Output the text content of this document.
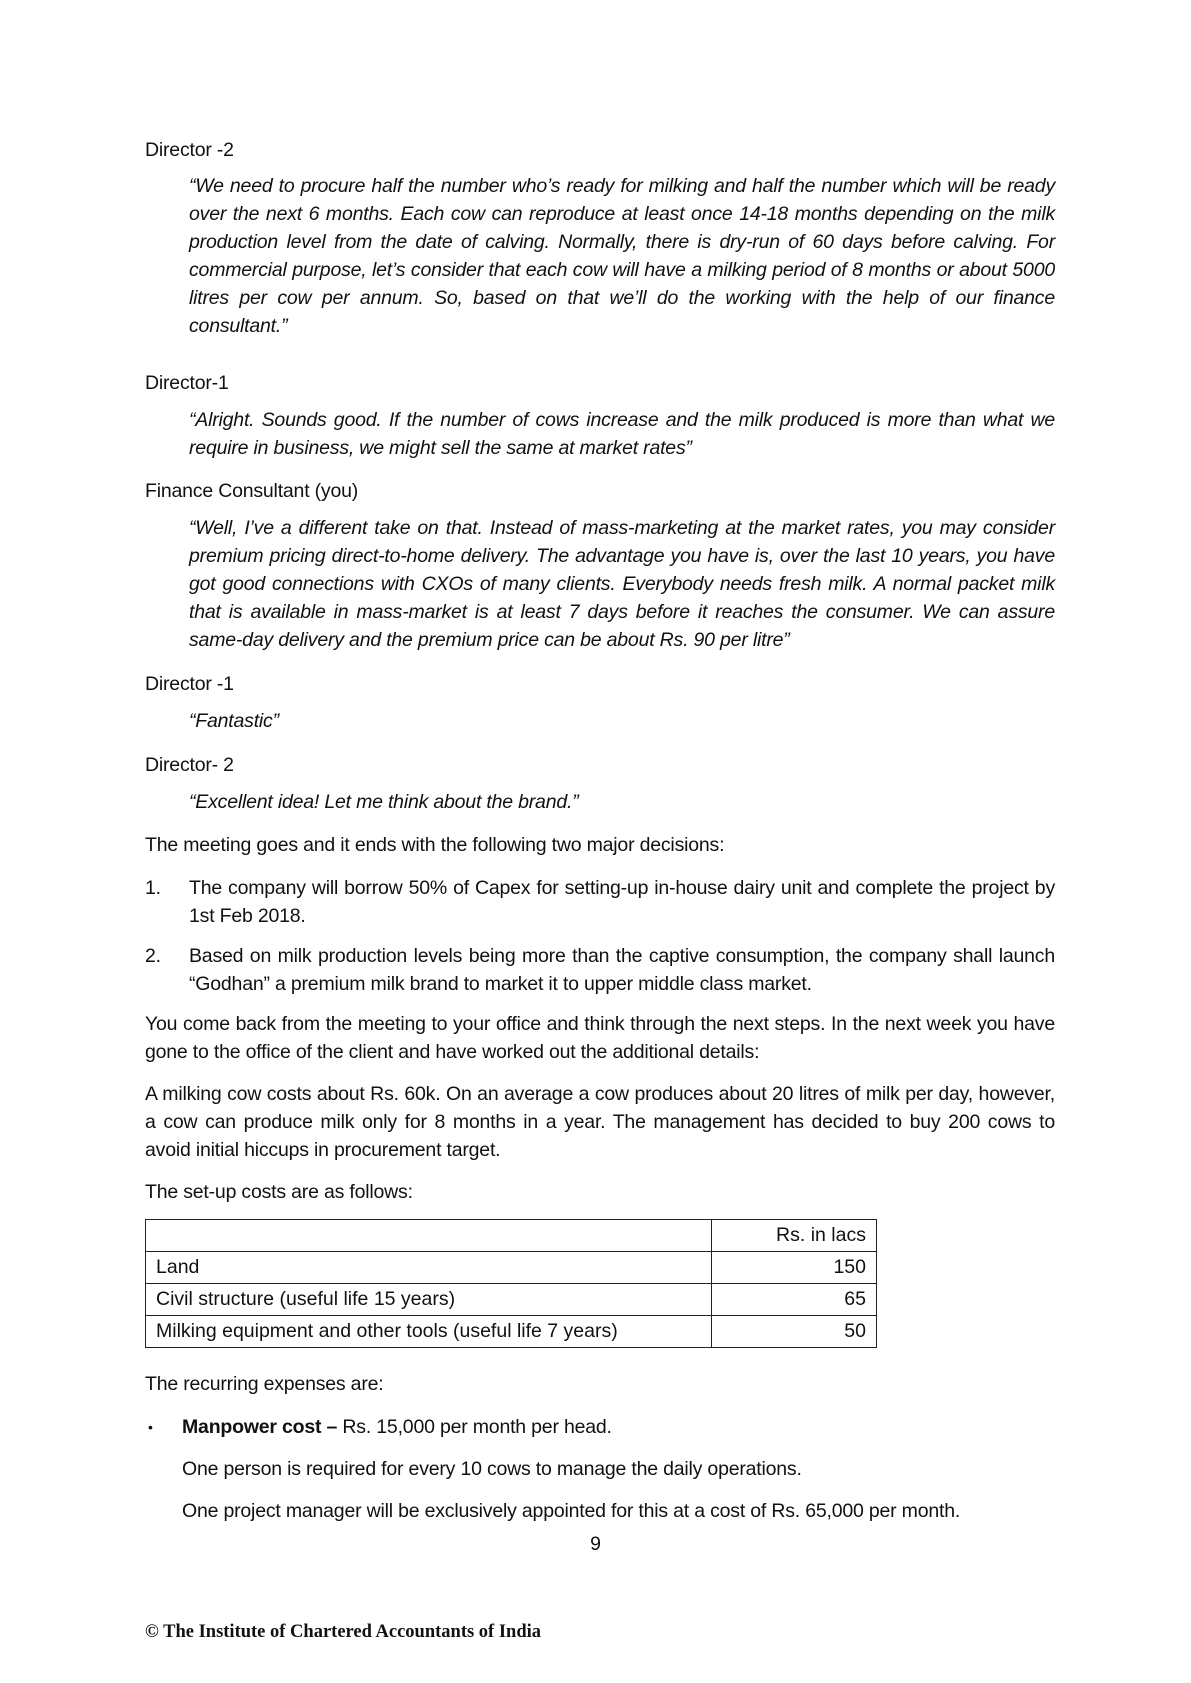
Director -2
“We need to procure half the number who’s ready for milking and half the number which will be ready over the next 6 months. Each cow can reproduce at least once 14-18 months depending on the milk production level from the date of calving. Normally, there is dry-run of 60 days before calving. For commercial purpose, let’s consider that each cow will have a milking period of 8 months or about 5000 litres per cow per annum. So, based on that we’ll do the working with the help of our finance consultant.”
Director-1
“Alright. Sounds good. If the number of cows increase and the milk produced is more than what we require in business, we might sell the same at market rates”
Finance Consultant (you)
“Well, I’ve a different take on that. Instead of mass-marketing at the market rates, you may consider premium pricing direct-to-home delivery. The advantage you have is, over the last 10 years, you have got good connections with CXOs of many clients. Everybody needs fresh milk. A normal packet milk that is available in mass-market is at least 7 days before it reaches the consumer. We can assure same-day delivery and the premium price can be about Rs. 90 per litre”
Director -1
“Fantastic”
Director- 2
“Excellent idea! Let me think about the brand.”
The meeting goes and it ends with the following two major decisions:
1. The company will borrow 50% of Capex for setting-up in-house dairy unit and complete the project by 1st Feb 2018.
2. Based on milk production levels being more than the captive consumption, the company shall launch “Godhan” a premium milk brand to market it to upper middle class market.
You come back from the meeting to your office and think through the next steps. In the next week you have gone to the office of the client and have worked out the additional details:
A milking cow costs about Rs. 60k. On an average a cow produces about 20 litres of milk per day, however, a cow can produce milk only for 8 months in a year. The management has decided to buy 200 cows to avoid initial hiccups in procurement target.
The set-up costs are as follows:
	Rs. in lacs
Land	150
Civil structure (useful life 15 years)	65
Milking equipment and other tools (useful life 7 years)	50
The recurring expenses are:
• Manpower cost – Rs. 15,000 per month per head.
One person is required for every 10 cows to manage the daily operations.
One project manager will be exclusively appointed for this at a cost of Rs. 65,000 per month.
9
© The Institute of Chartered Accountants of India
